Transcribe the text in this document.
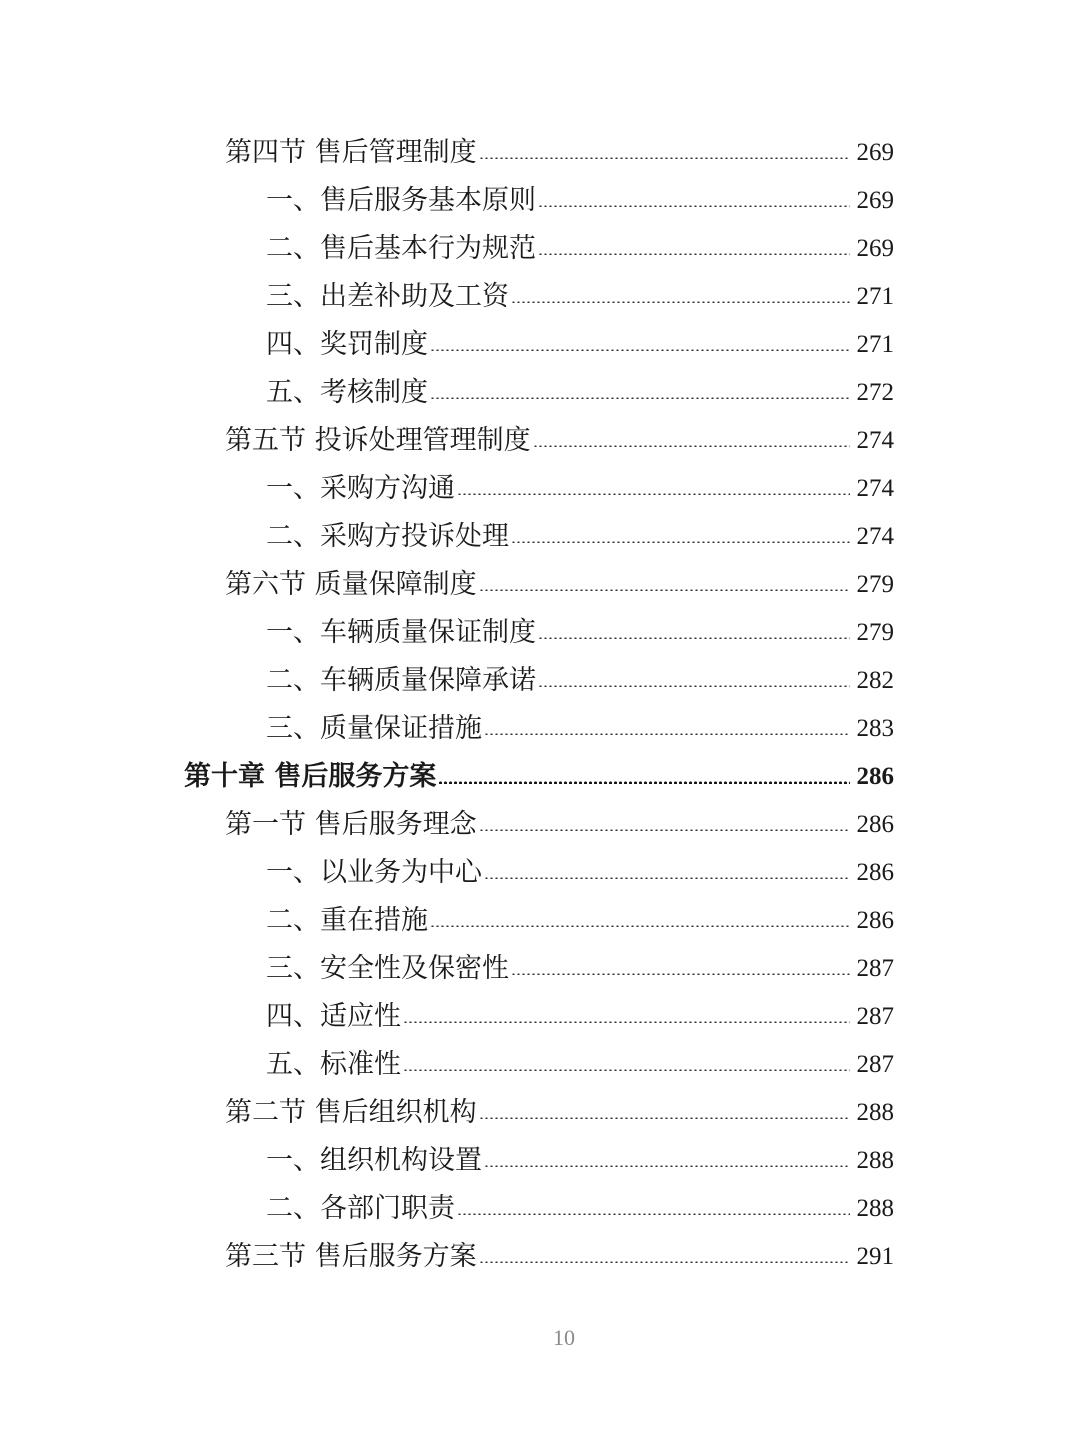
第四节 售后管理制度	269
一、售后服务基本原则	269
二、售后基本行为规范	269
三、出差补助及工资	271
四、奖罚制度	271
五、考核制度	272
第五节 投诉处理管理制度	274
一、采购方沟通	274
二、采购方投诉处理	274
第六节 质量保障制度	279
一、车辆质量保证制度	279
二、车辆质量保障承诺	282
三、质量保证措施	283
第十章 售后服务方案	286
第一节 售后服务理念	286
一、以业务为中心	286
二、重在措施	286
三、安全性及保密性	287
四、适应性	287
五、标准性	287
第二节 售后组织机构	288
一、组织机构设置	288
二、各部门职责	288
第三节 售后服务方案	291
10
